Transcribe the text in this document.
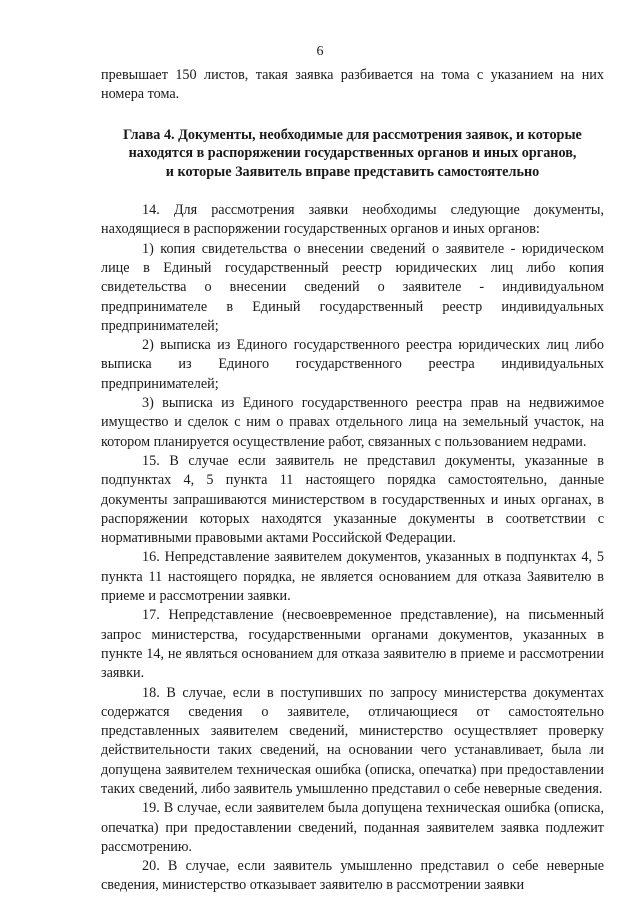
6

превышает 150 листов, такая заявка разбивается на тома с указанием на них номера тома.

Глава 4. Документы, необходимые для рассмотрения заявок, и которые
находятся в распоряжении государственных органов и иных органов,
и которые Заявитель вправе представить самостоятельно

14. Для рассмотрения заявки необходимы следующие документы, находящиеся в распоряжении государственных органов и иных органов:

1) копия свидетельства о внесении сведений о заявителе - юридическом лице в Единый государственный реестр юридических лиц либо копия свидетельства о внесении сведений о заявителе - индивидуальном предпринимателе в Единый государственный реестр индивидуальных предпринимателей;

2) выписка из Единого государственного реестра юридических лиц либо выписка из Единого государственного реестра индивидуальных предпринимателей;

3) выписка из Единого государственного реестра прав на недвижимое имущество и сделок с ним о правах отдельного лица на земельный участок, на котором планируется осуществление работ, связанных с пользованием недрами.

15. В случае если заявитель не представил документы, указанные в подпунктах 4, 5 пункта 11 настоящего порядка самостоятельно, данные документы запрашиваются министерством в государственных и иных органах, в распоряжении которых находятся указанные документы в соответствии с нормативными правовыми актами Российской Федерации.

16. Непредставление заявителем документов, указанных в подпунктах 4, 5 пункта 11 настоящего порядка, не является основанием для отказа Заявителю в приеме и рассмотрении заявки.

17. Непредставление (несвоевременное представление), на письменный запрос министерства, государственными органами документов, указанных в пункте 14, не являться основанием для отказа заявителю в приеме и рассмотрении заявки.

18. В случае, если в поступивших по запросу министерства документах содержатся сведения о заявителе, отличающиеся от самостоятельно представленных заявителем сведений, министерство осуществляет проверку действительности таких сведений, на основании чего устанавливает, была ли допущена заявителем техническая ошибка (описка, опечатка) при предоставлении таких сведений, либо заявитель умышленно представил о себе неверные сведения.

19. В случае, если заявителем была допущена техническая ошибка (описка, опечатка) при предоставлении сведений, поданная заявителем заявка подлежит рассмотрению.

20. В случае, если заявитель умышленно представил о себе неверные сведения, министерство отказывает заявителю в рассмотрении заявки
